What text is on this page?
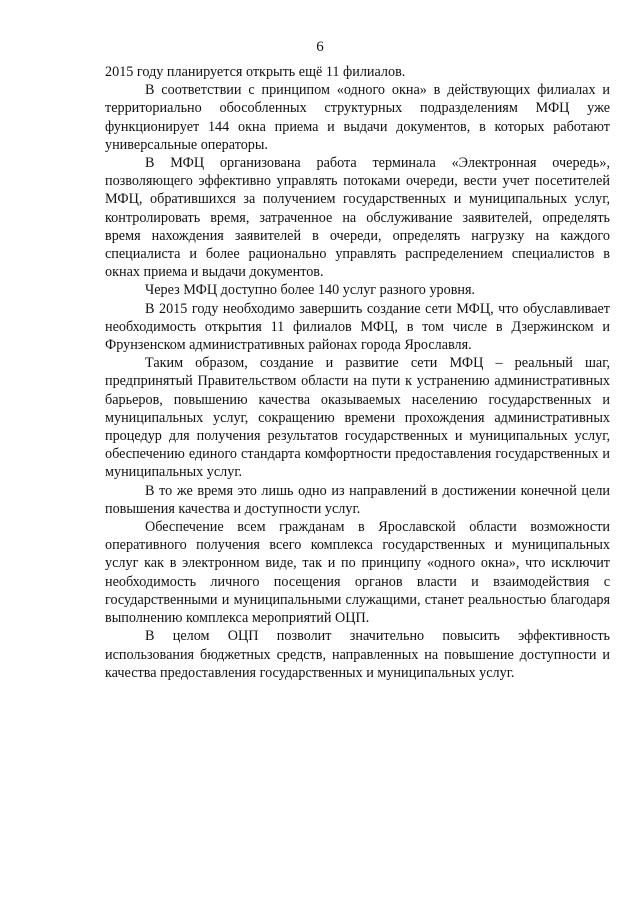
6

2015 году планируется открыть ещё 11 филиалов.

В соответствии с принципом «одного окна» в действующих филиалах и территориально обособленных структурных подразделениям МФЦ уже функционирует 144 окна приема и выдачи документов, в которых работают универсальные операторы.

В МФЦ организована работа терминала «Электронная очередь», позволяющего эффективно управлять потоками очереди, вести учет посетителей МФЦ, обратившихся за получением государственных и муниципальных услуг, контролировать время, затраченное на обслуживание заявителей, определять время нахождения заявителей в очереди, определять нагрузку на каждого специалиста и более рационально управлять распределением специалистов в окнах приема и выдачи документов.

Через МФЦ доступно более 140 услуг разного уровня.

В 2015 году необходимо завершить создание сети МФЦ, что обуславливает необходимость открытия 11 филиалов МФЦ, в том числе в Дзержинском и Фрунзенском административных районах города Ярославля.

Таким образом, создание и развитие сети МФЦ – реальный шаг, предпринятый Правительством области на пути к устранению административных барьеров, повышению качества оказываемых населению государственных и муниципальных услуг, сокращению времени прохождения административных процедур для получения результатов государственных и муниципальных услуг, обеспечению единого стандарта комфортности предоставления государственных и муниципальных услуг.

В то же время это лишь одно из направлений в достижении конечной цели повышения качества и доступности услуг.

Обеспечение всем гражданам в Ярославской области возможности оперативного получения всего комплекса государственных и муниципальных услуг как в электронном виде, так и по принципу «одного окна», что исключит необходимость личного посещения органов власти и взаимодействия с государственными и муниципальными служащими, станет реальностью благодаря выполнению комплекса мероприятий ОЦП.

В целом ОЦП позволит значительно повысить эффективность использования бюджетных средств, направленных на повышение доступности и качества предоставления государственных и муниципальных услуг.
